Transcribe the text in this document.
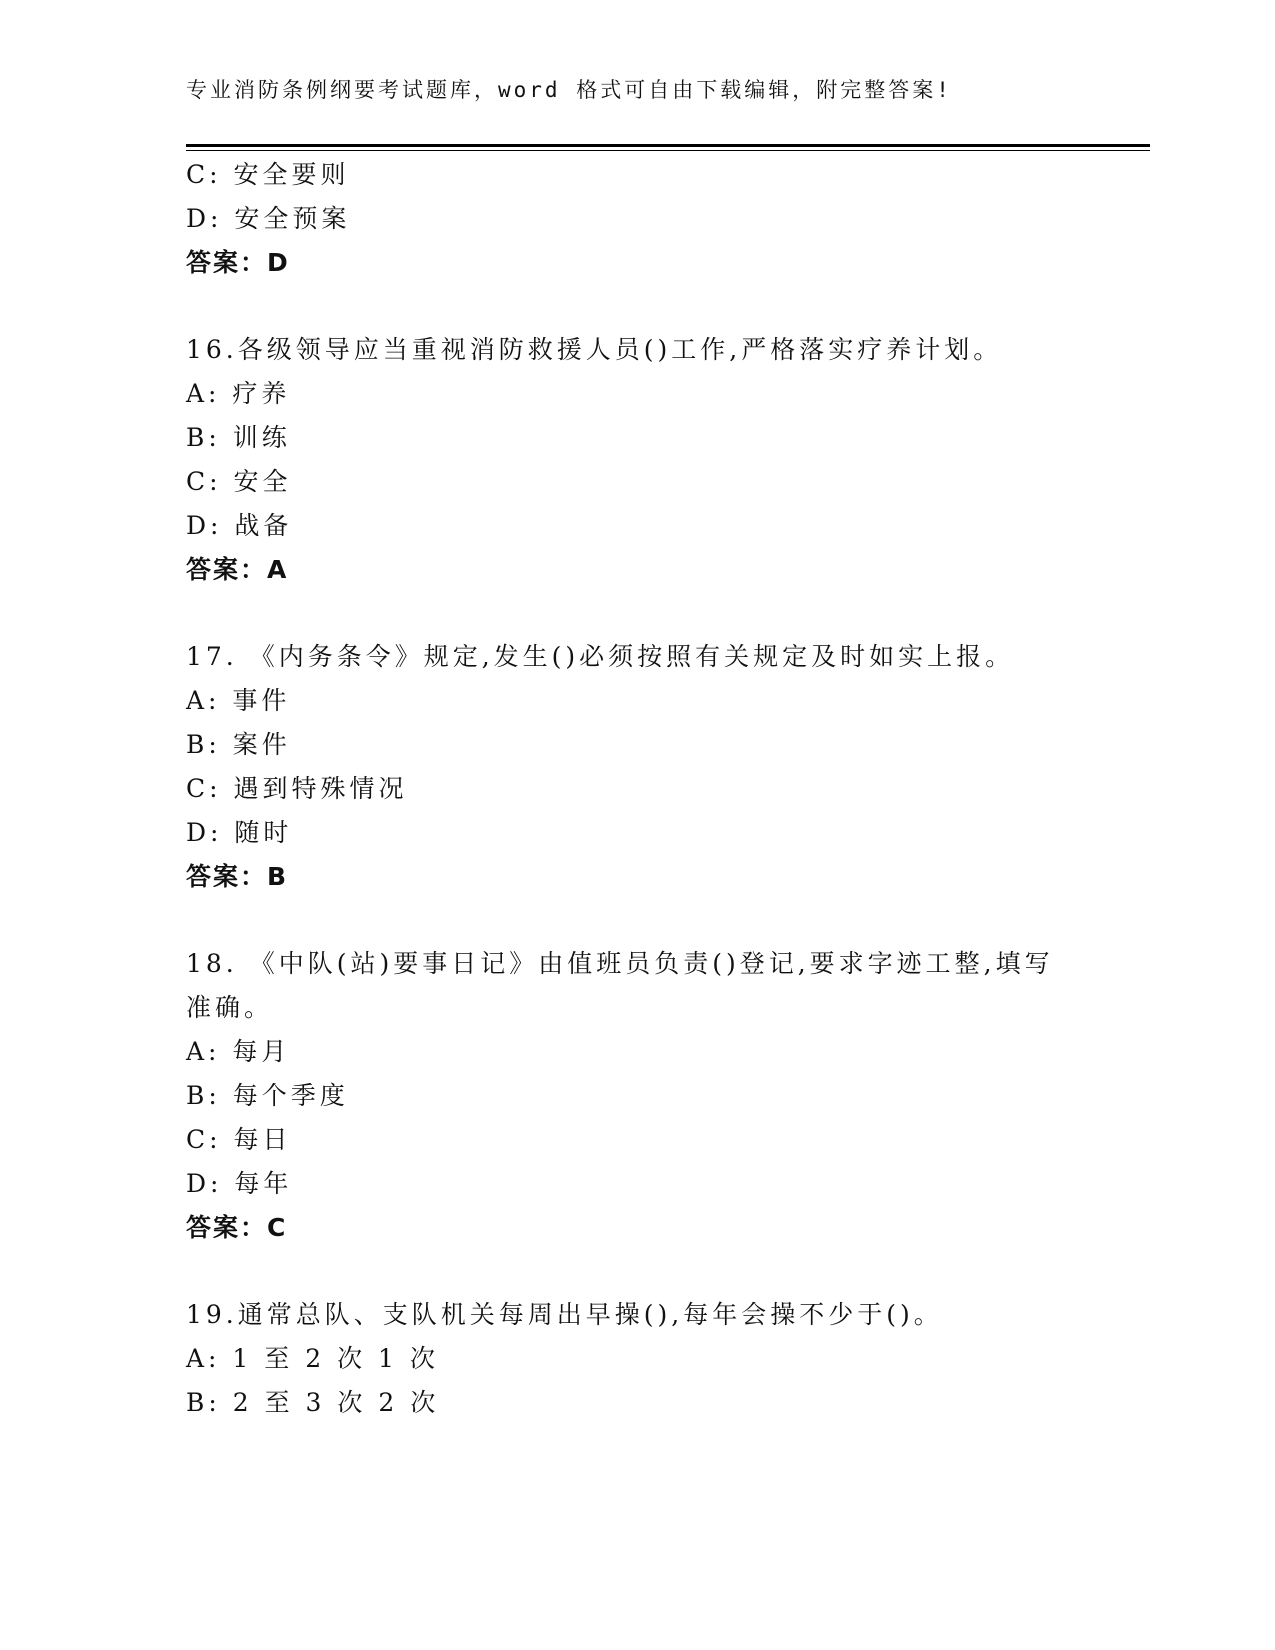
专业消防条例纲要考试题库，word 格式可自由下载编辑，附完整答案!
C: 安全要则
D: 安全预案
答案：D
16.各级领导应当重视消防救援人员()工作,严格落实疗养计划。
A: 疗养
B: 训练
C: 安全
D: 战备
答案：A
17. 《内务条令》规定,发生()必须按照有关规定及时如实上报。
A: 事件
B: 案件
C: 遇到特殊情况
D: 随时
答案：B
18. 《中队(站)要事日记》由值班员负责()登记,要求字迹工整,填写
准确。
A: 每月
B: 每个季度
C: 每日
D: 每年
答案：C
19.通常总队、支队机关每周出早操(),每年会操不少于()。
A: 1 至 2 次 1 次
B: 2 至 3 次 2 次
